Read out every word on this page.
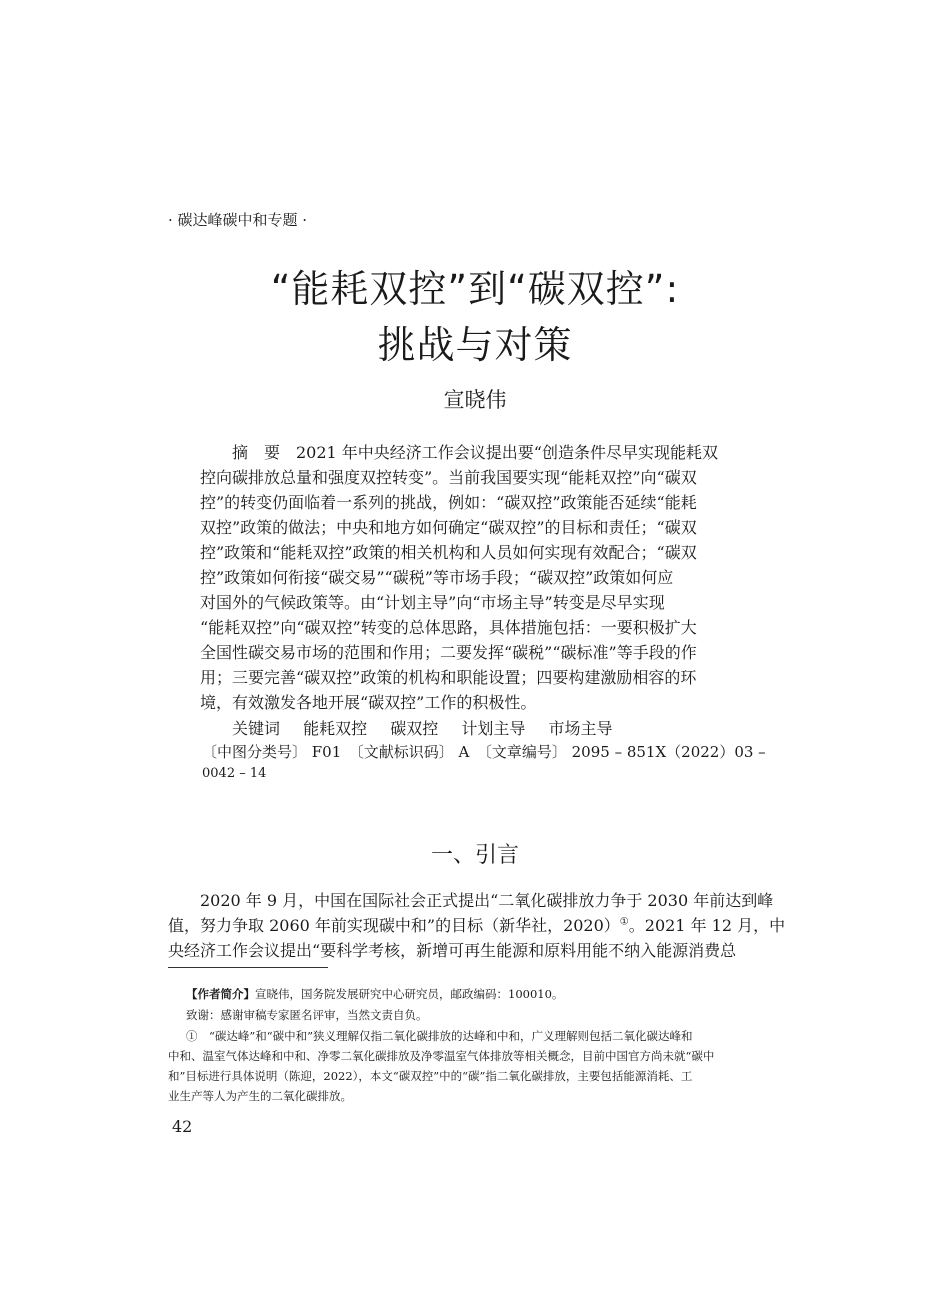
· 碳达峰碳中和专题 ·
“能耗双控”到“碳双控”:
挑战与对策
宣晓伟
摘　要　2021 年中央经济工作会议提出要“创造条件尽早实现能耗双
控向碳排放总量和强度双控转变”。当前我国要实现“能耗双控”向“碳双
控”的转变仍面临着一系列的挑战，例如：“碳双控”政策能否延续“能耗
双控”政策的做法；中央和地方如何确定“碳双控”的目标和责任；“碳双
控”政策和“能耗双控”政策的相关机构和人员如何实现有效配合；“碳双
控”政策如何衔接“碳交易”“碳税”等市场手段；“碳双控”政策如何应
对国外的气候政策等。由“计划主导”向“市场主导”转变是尽早实现
“能耗双控”向“碳双控”转变的总体思路，具体措施包括：一要积极扩大
全国性碳交易市场的范围和作用；二要发挥“碳税”“碳标准”等手段的作
用；三要完善“碳双控”政策的机构和职能设置；四要构建激励相容的环
境，有效激发各地开展“碳双控”工作的积极性。
关键词 能耗双控 碳双控 计划主导 市场主导
〔中图分类号〕 F01　〔文献标识码〕 A　〔文章编号〕 2095 – 851X（2022）03 –
0042 – 14
一、引言
2020 年 9 月，中国在国际社会正式提出“二氧化碳排放力争于 2030 年前达到峰
值，努力争取 2060 年前实现碳中和”的目标（新华社，2020）①。2021 年 12 月，中
央经济工作会议提出“要科学考核，新增可再生能源和原料用能不纳入能源消费总
【作者简介】宣晓伟，国务院发展研究中心研究员，邮政编码：100010。
致谢：感谢审稿专家匿名评审，当然文责自负。
①　“碳达峰”和“碳中和”狭义理解仅指二氧化碳排放的达峰和中和，广义理解则包括二氧化碳达峰和
中和、温室气体达峰和中和、净零二氧化碳排放及净零温室气体排放等相关概念，目前中国官方尚未就“碳中
和”目标进行具体说明（陈迎，2022），本文“碳双控”中的“碳”指二氧化碳排放，主要包括能源消耗、工
业生产等人为产生的二氧化碳排放。
42
